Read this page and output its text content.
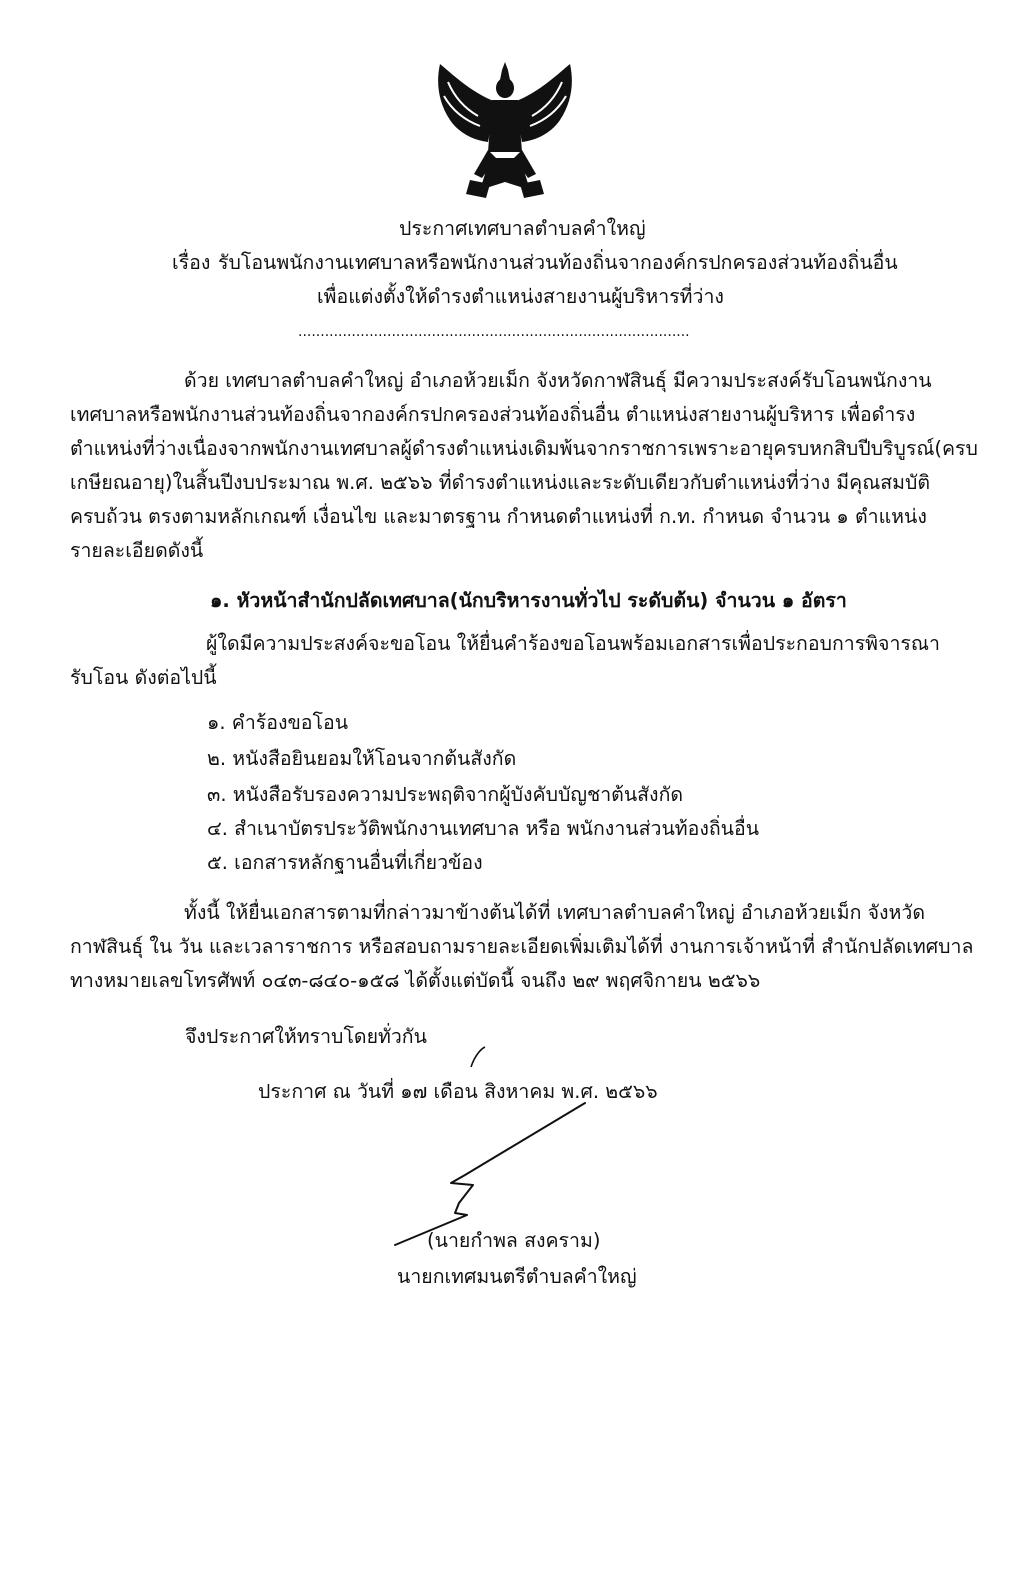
ประกาศเทศบาลตำบลคำใหญ่
เรื่อง รับโอนพนักงานเทศบาลหรือพนักงานส่วนท้องถิ่นจากองค์กรปกครองส่วนท้องถิ่นอื่น
เพื่อแต่งตั้งให้ดำรงตำแหน่งสายงานผู้บริหารที่ว่าง
........................................................................................
ด้วย เทศบาลตำบลคำใหญ่ อำเภอห้วยเม็ก จังหวัดกาฬสินธุ์ มีความประสงค์รับโอนพนักงาน
เทศบาลหรือพนักงานส่วนท้องถิ่นจากองค์กรปกครองส่วนท้องถิ่นอื่น ตำแหน่งสายงานผู้บริหาร เพื่อดำรง
ตำแหน่งที่ว่างเนื่องจากพนักงานเทศบาลผู้ดำรงตำแหน่งเดิมพ้นจากราชการเพราะอายุครบหกสิบปีบริบูรณ์(ครบ
เกษียณอายุ)ในสิ้นปีงบประมาณ พ.ศ. ๒๕๖๖ ที่ดำรงตำแหน่งและระดับเดียวกับตำแหน่งที่ว่าง มีคุณสมบัติ
ครบถ้วน ตรงตามหลักเกณฑ์ เงื่อนไข และมาตรฐาน กำหนดตำแหน่งที่ ก.ท. กำหนด จำนวน ๑ ตำแหน่ง
รายละเอียดดังนี้
๑. หัวหน้าสำนักปลัดเทศบาล(นักบริหารงานทั่วไป ระดับต้น) จำนวน ๑ อัตรา
ผู้ใดมีความประสงค์จะขอโอน ให้ยื่นคำร้องขอโอนพร้อมเอกสารเพื่อประกอบการพิจารณา
รับโอน ดังต่อไปนี้
๑. คำร้องขอโอน
๒. หนังสือยินยอมให้โอนจากต้นสังกัด
๓. หนังสือรับรองความประพฤติจากผู้บังคับบัญชาต้นสังกัด
๔. สำเนาบัตรประวัติพนักงานเทศบาล หรือ พนักงานส่วนท้องถิ่นอื่น
๕. เอกสารหลักฐานอื่นที่เกี่ยวข้อง
ทั้งนี้ ให้ยื่นเอกสารตามที่กล่าวมาข้างต้นได้ที่ เทศบาลตำบลคำใหญ่ อำเภอห้วยเม็ก จังหวัด
กาฬสินธุ์ ใน วัน และเวลาราชการ หรือสอบถามรายละเอียดเพิ่มเติมได้ที่ งานการเจ้าหน้าที่ สำนักปลัดเทศบาล
ทางหมายเลขโทรศัพท์ ๐๔๓-๘๔๐-๑๕๘ ได้ตั้งแต่บัดนี้ จนถึง ๒๙ พฤศจิกายน ๒๕๖๖
จึงประกาศให้ทราบโดยทั่วกัน
ประกาศ ณ วันที่ ๑๗ เดือน สิงหาคม พ.ศ. ๒๕๖๖
(นายกำพล สงคราม)
นายกเทศมนตรีตำบลคำใหญ่
